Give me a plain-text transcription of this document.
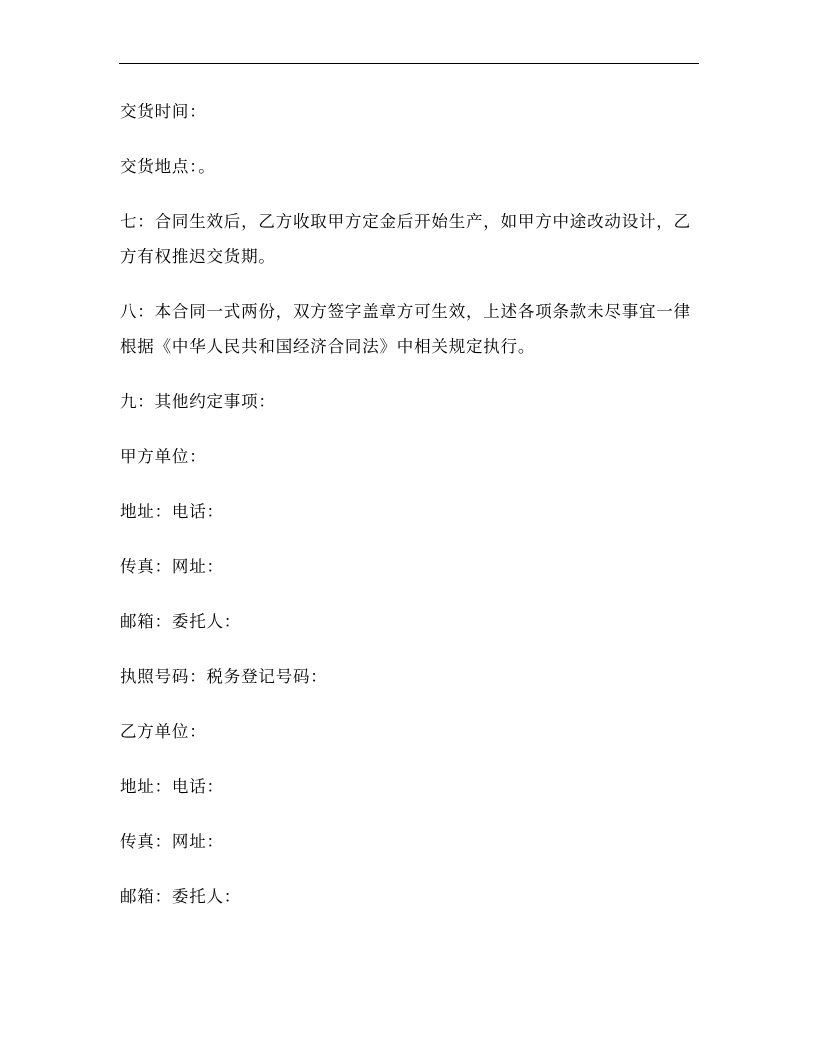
交货时间：

交货地点：。

七：合同生效后，乙方收取甲方定金后开始生产，如甲方中途改动设计，乙方有权推迟交货期。

八：本合同一式两份，双方签字盖章方可生效，上述各项条款未尽事宜一律根据《中华人民共和国经济合同法》中相关规定执行。

九：其他约定事项：

甲方单位：

地址：电话：

传真：网址：

邮箱：委托人：

执照号码：税务登记号码：

乙方单位：

地址：电话：

传真：网址：

邮箱：委托人：
